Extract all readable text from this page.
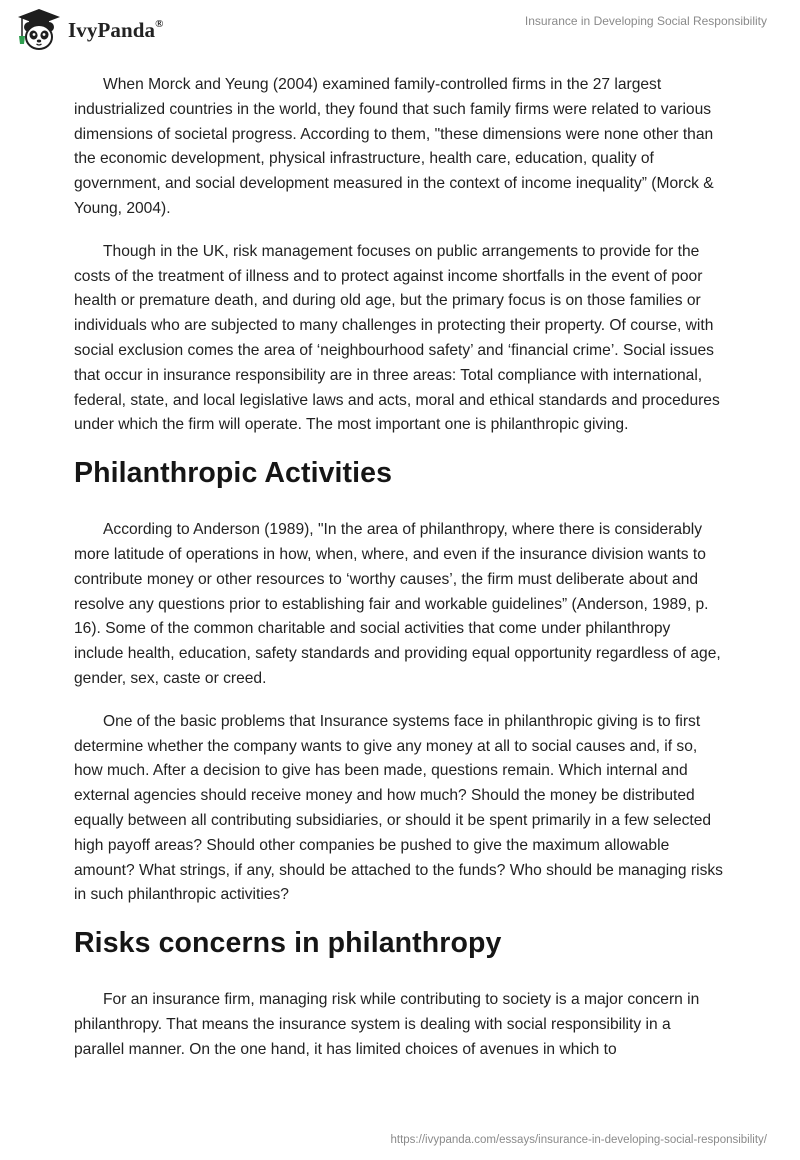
IvyPanda®	Insurance in Developing Social Responsibility

When Morck and Yeung (2004) examined family-controlled firms in the 27 largest industrialized countries in the world, they found that such family firms were related to various dimensions of societal progress. According to them, "these dimensions were none other than the economic development, physical infrastructure, health care, education, quality of government, and social development measured in the context of income inequality” (Morck & Young, 2004).

Though in the UK, risk management focuses on public arrangements to provide for the costs of the treatment of illness and to protect against income shortfalls in the event of poor health or premature death, and during old age, but the primary focus is on those families or individuals who are subjected to many challenges in protecting their property. Of course, with social exclusion comes the area of ‘neighbourhood safety’ and ‘financial crime’. Social issues that occur in insurance responsibility are in three areas: Total compliance with international, federal, state, and local legislative laws and acts, moral and ethical standards and procedures under which the firm will operate. The most important one is philanthropic giving.

Philanthropic Activities

According to Anderson (1989), "In the area of philanthropy, where there is considerably more latitude of operations in how, when, where, and even if the insurance division wants to contribute money or other resources to ‘worthy causes’, the firm must deliberate about and resolve any questions prior to establishing fair and workable guidelines” (Anderson, 1989, p. 16). Some of the common charitable and social activities that come under philanthropy include health, education, safety standards and providing equal opportunity regardless of age, gender, sex, caste or creed.

One of the basic problems that Insurance systems face in philanthropic giving is to first determine whether the company wants to give any money at all to social causes and, if so, how much. After a decision to give has been made, questions remain. Which internal and external agencies should receive money and how much? Should the money be distributed equally between all contributing subsidiaries, or should it be spent primarily in a few selected high payoff areas? Should other companies be pushed to give the maximum allowable amount? What strings, if any, should be attached to the funds? Who should be managing risks in such philanthropic activities?

Risks concerns in philanthropy

For an insurance firm, managing risk while contributing to society is a major concern in philanthropy. That means the insurance system is dealing with social responsibility in a parallel manner. On the one hand, it has limited choices of avenues in which to

https://ivypanda.com/essays/insurance-in-developing-social-responsibility/
